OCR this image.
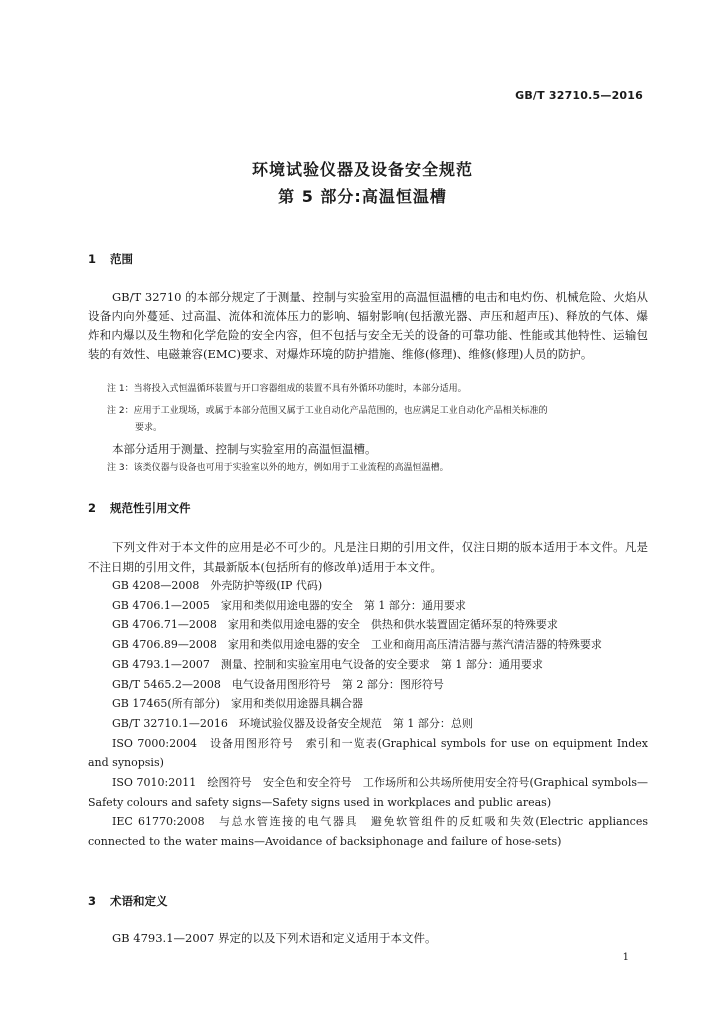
GB/T 32710.5—2016
环境试验仪器及设备安全规范
第 5 部分:高温恒温槽
1 范围

GB/T 32710 的本部分规定了于测量、控制与实验室用的高温恒温槽的电击和电灼伤、机械危险、火焰从设备内向外蔓延、过高温、流体和流体压力的影响、辐射影响(包括激光器、声压和超声压)、释放的气体、爆炸和内爆以及生物和化学危险的安全内容，但不包括与安全无关的设备的可靠功能、性能或其他特性、运输包装的有效性、电磁兼容(EMC)要求、对爆炸环境的防护措施、维修(修理)、维修(修理)人员的防护。

注 1：当将投入式恒温循环装置与开口容器组成的装置不具有外循环功能时，本部分适用。

注 2：应用于工业现场，或属于本部分范围又属于工业自动化产品范围的，也应满足工业自动化产品相关标准的
要求。

本部分适用于测量、控制与实验室用的高温恒温槽。

注 3：该类仪器与设备也可用于实验室以外的地方，例如用于工业流程的高温恒温槽。

2 规范性引用文件

下列文件对于本文件的应用是必不可少的。凡是注日期的引用文件，仅注日期的版本适用于本文件。凡是不注日期的引用文件，其最新版本(包括所有的修改单)适用于本文件。

GB 4208—2008　外壳防护等级(IP 代码)
GB 4706.1—2005　家用和类似用途电器的安全　第 1 部分：通用要求
GB 4706.71—2008　家用和类似用途电器的安全　供热和供水装置固定循环泵的特殊要求
GB 4706.89—2008　家用和类似用途电器的安全　工业和商用高压清洁器与蒸汽清洁器的特殊要求
GB 4793.1—2007　测量、控制和实验室用电气设备的安全要求　第 1 部分：通用要求
GB/T 5465.2—2008　电气设备用图形符号　第 2 部分：图形符号
GB 17465(所有部分)　家用和类似用途器具耦合器
GB/T 32710.1—2016　环境试验仪器及设备安全规范　第 1 部分：总则
ISO 7000:2004　设备用图形符号　索引和一览表(Graphical symbols for use on equipment Index and synopsis)
ISO 7010:2011　绘图符号　安全色和安全符号　工作场所和公共场所使用安全符号(Graphical symbols—Safety colours and safety signs—Safety signs used in workplaces and public areas)
IEC 61770:2008　与总水管连接的电气器具　避免软管组件的反虹吸和失效(Electric appliances connected to the water mains—Avoidance of backsiphonage and failure of hose-sets)
3 术语和定义

GB 4793.1—2007 界定的以及下列术语和定义适用于本文件。

1
